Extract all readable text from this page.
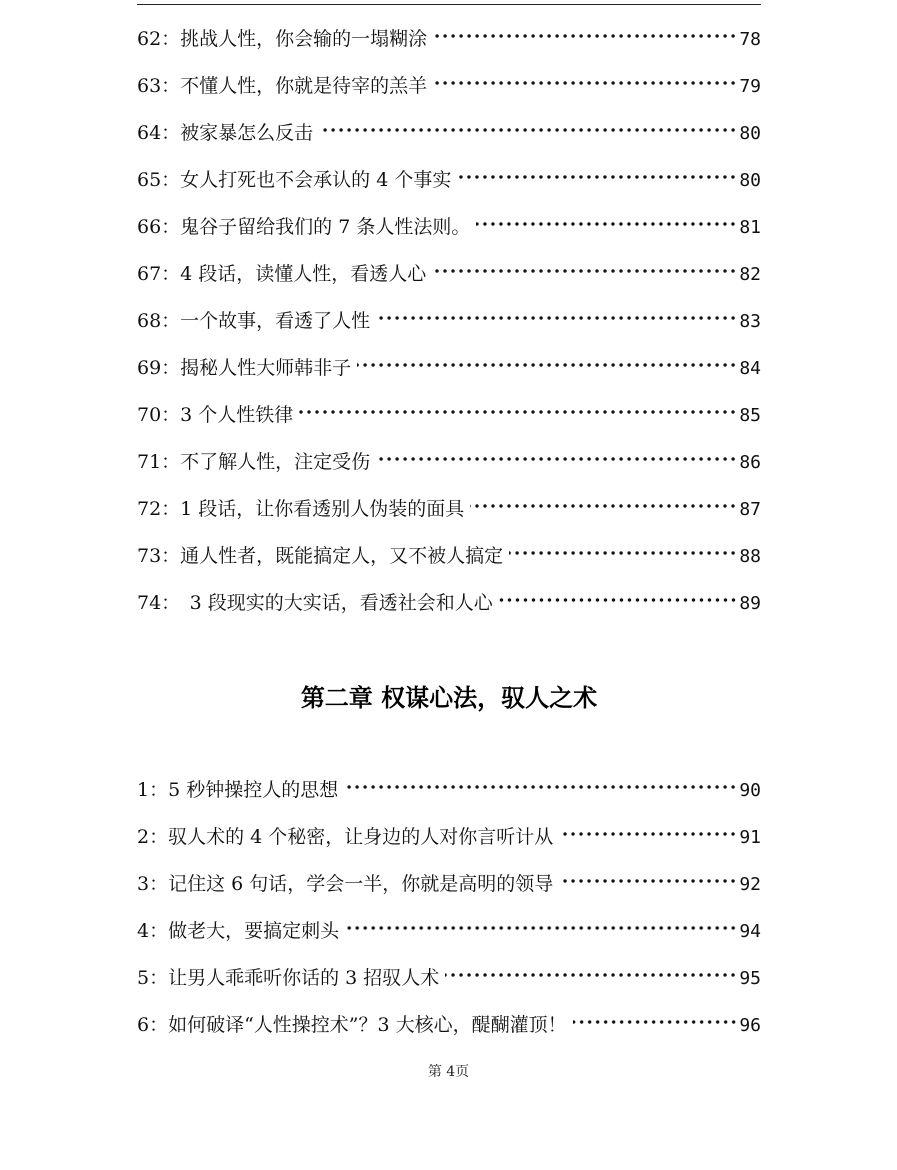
62：挑战人性，你会输的一塌糊涂	78
63：不懂人性，你就是待宰的羔羊	79
64：被家暴怎么反击	80
65：女人打死也不会承认的 4 个事实	80
66：鬼谷子留给我们的 7 条人性法则。	81
67：4 段话，读懂人性，看透人心	82
68：一个故事，看透了人性	83
69：揭秘人性大师韩非子	84
70：3 个人性铁律	85
71：不了解人性，注定受伤	86
72：1 段话，让你看透别人伪装的面具	87
73：通人性者，既能搞定人，又不被人搞定	88
74：　3 段现实的大实话，看透社会和人心	89
第二章 权谋心法，驭人之术
1：5 秒钟操控人的思想	90
2：驭人术的 4 个秘密，让身边的人对你言听计从	91
3：记住这 6 句话，学会一半，你就是高明的领导	92
4：做老大，要搞定刺头	94
5：让男人乖乖听你话的 3 招驭人术	95
6：如何破译“人性操控术”？3 大核心，醍醐灌顶！	96
第 4页
